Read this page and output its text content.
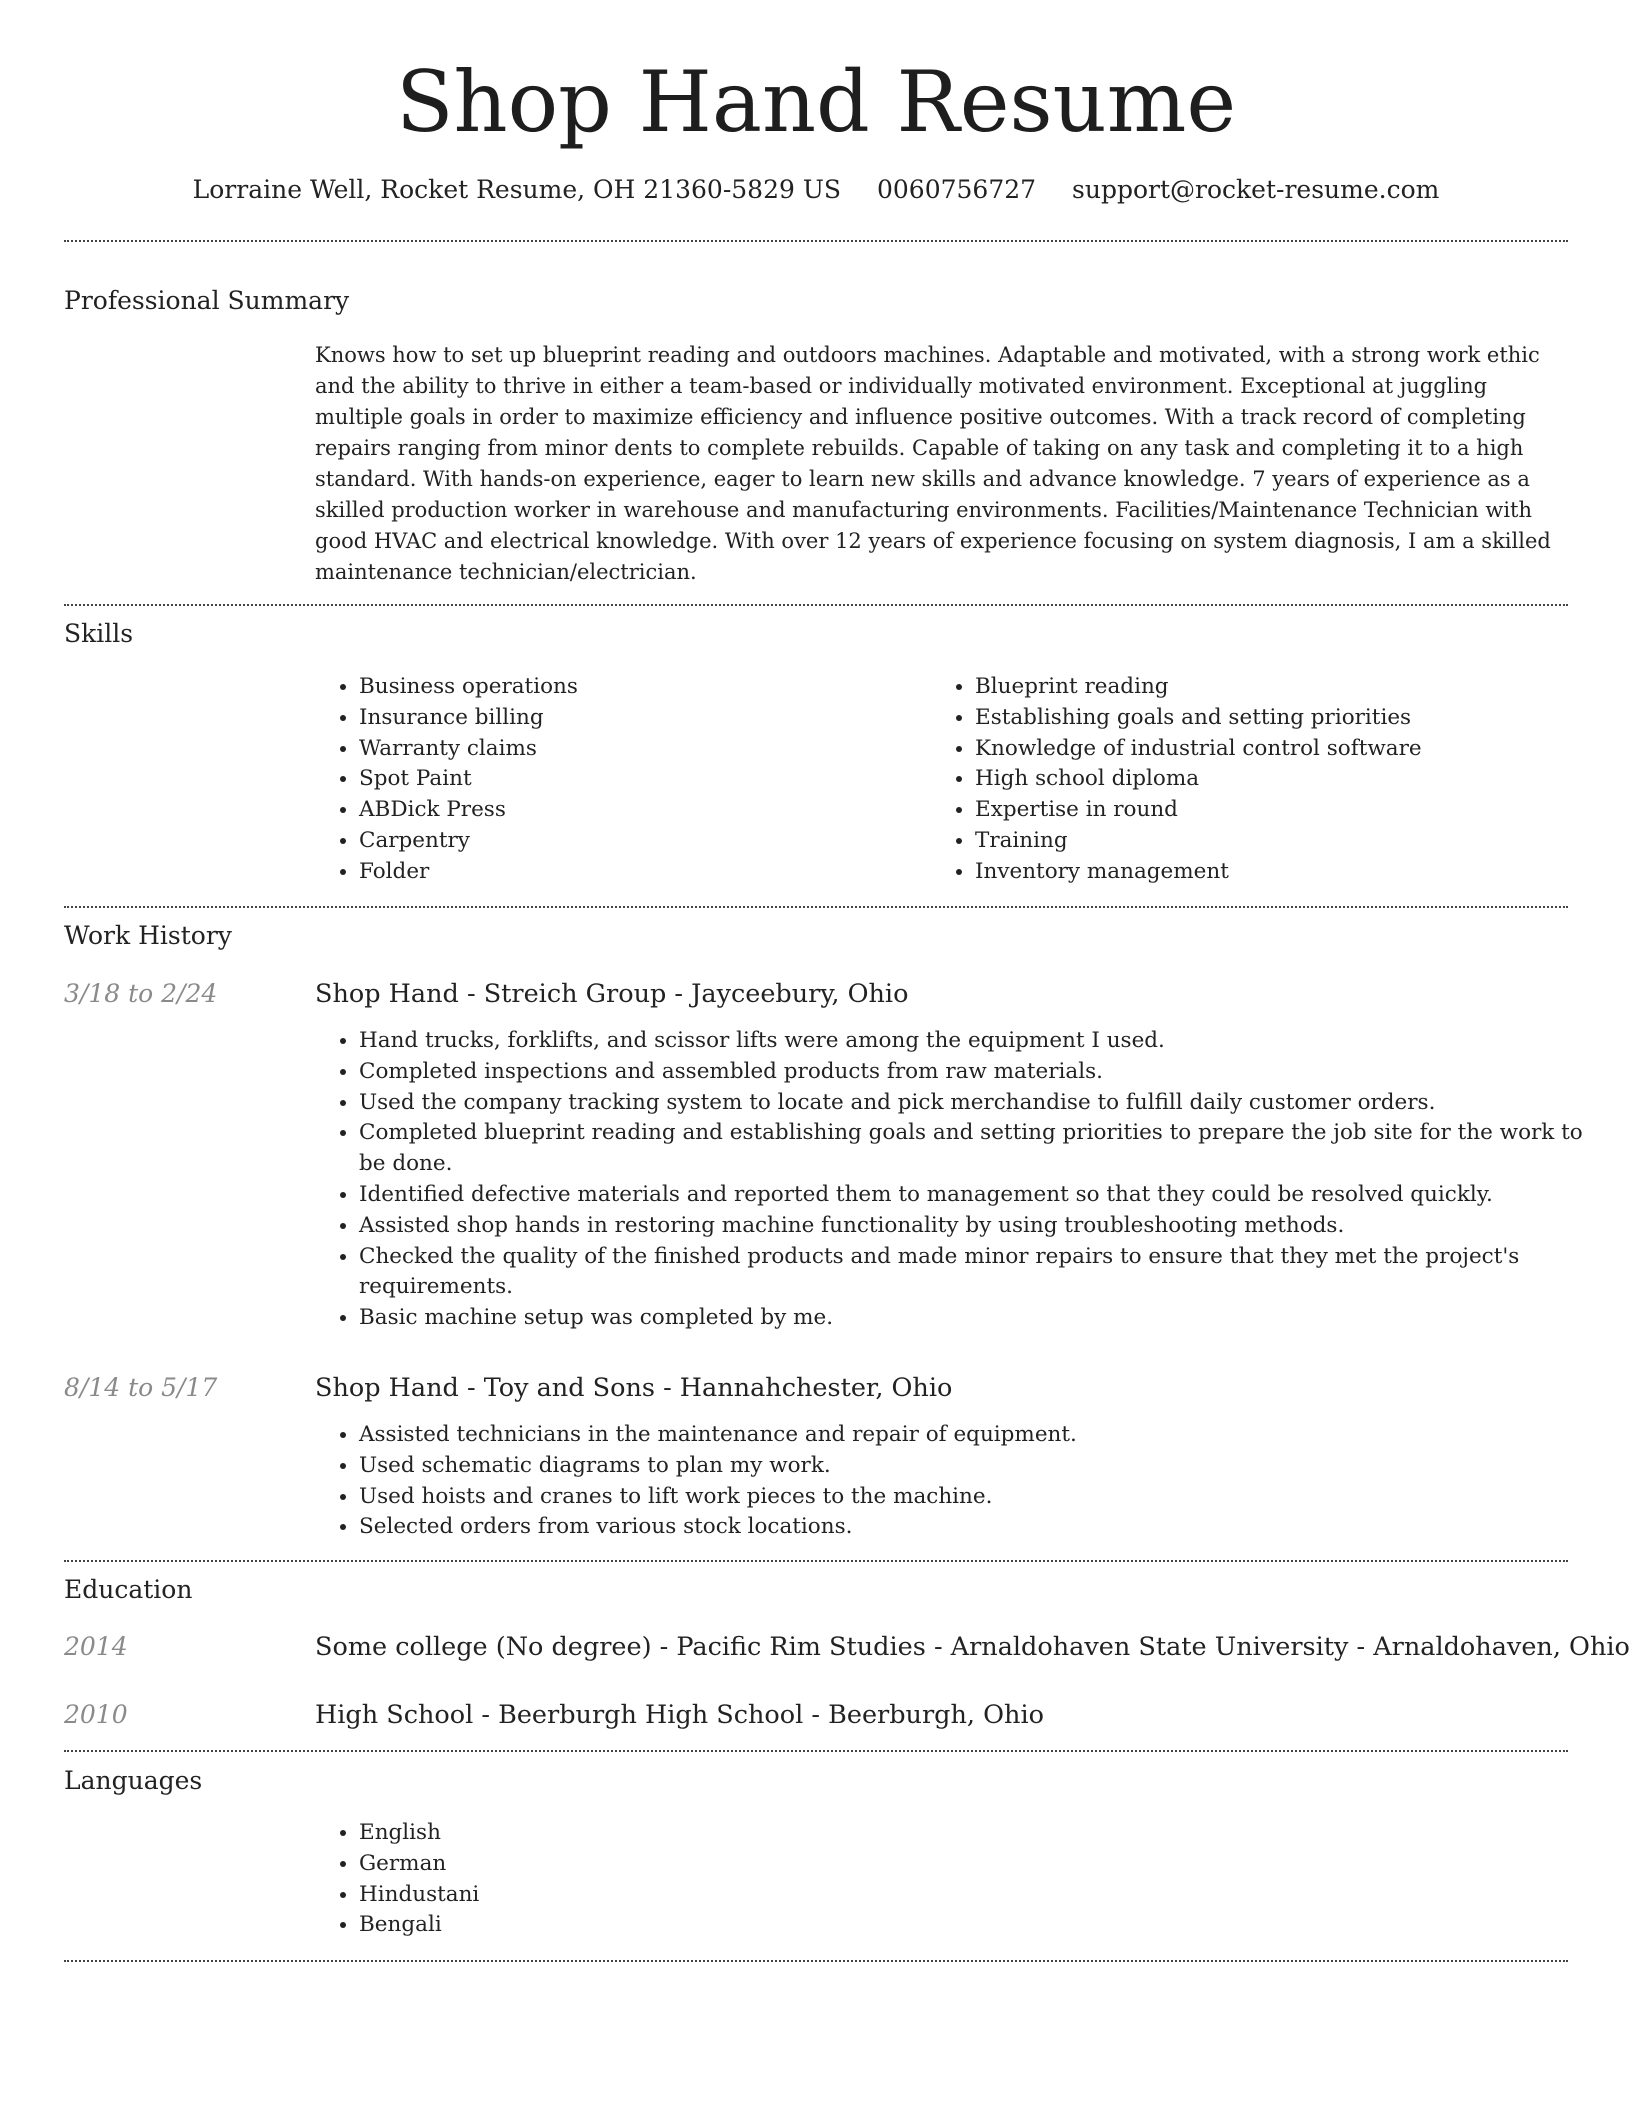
Shop Hand Resume
Lorraine Well, Rocket Resume, OH 21360-5829 US 0060756727 support@rocket-resume.com
Professional Summary

Knows how to set up blueprint reading and outdoors machines. Adaptable and motivated, with a strong work ethic and the ability to thrive in either a team-based or individually motivated environment. Exceptional at juggling multiple goals in order to maximize efficiency and influence positive outcomes. With a track record of completing repairs ranging from minor dents to complete rebuilds. Capable of taking on any task and completing it to a high standard. With hands-on experience, eager to learn new skills and advance knowledge. 7 years of experience as a skilled production worker in warehouse and manufacturing environments. Facilities/Maintenance Technician with good HVAC and electrical knowledge. With over 12 years of experience focusing on system diagnosis, I am a skilled maintenance technician/electrician.

Skills
• Business operations
• Insurance billing
• Warranty claims
• Spot Paint
• ABDick Press
• Carpentry
• Folder
• Blueprint reading
• Establishing goals and setting priorities
• Knowledge of industrial control software
• High school diploma
• Expertise in round
• Training
• Inventory management
Work History
3/18 to 2/24	Shop Hand - Streich Group - Jayceebury, Ohio
• Hand trucks, forklifts, and scissor lifts were among the equipment I used.
• Completed inspections and assembled products from raw materials.
• Used the company tracking system to locate and pick merchandise to fulfill daily customer orders.
• Completed blueprint reading and establishing goals and setting priorities to prepare the job site for the work to be done.
• Identified defective materials and reported them to management so that they could be resolved quickly.
• Assisted shop hands in restoring machine functionality by using troubleshooting methods.
• Checked the quality of the finished products and made minor repairs to ensure that they met the project's requirements.
• Basic machine setup was completed by me.
8/14 to 5/17	Shop Hand - Toy and Sons - Hannahchester, Ohio
• Assisted technicians in the maintenance and repair of equipment.
• Used schematic diagrams to plan my work.
• Used hoists and cranes to lift work pieces to the machine.
• Selected orders from various stock locations.
Education
2014	Some college (No degree) - Pacific Rim Studies - Arnaldohaven State University - Arnaldohaven, Ohio
2010	High School - Beerburgh High School - Beerburgh, Ohio
Languages
• English
• German
• Hindustani
• Bengali
